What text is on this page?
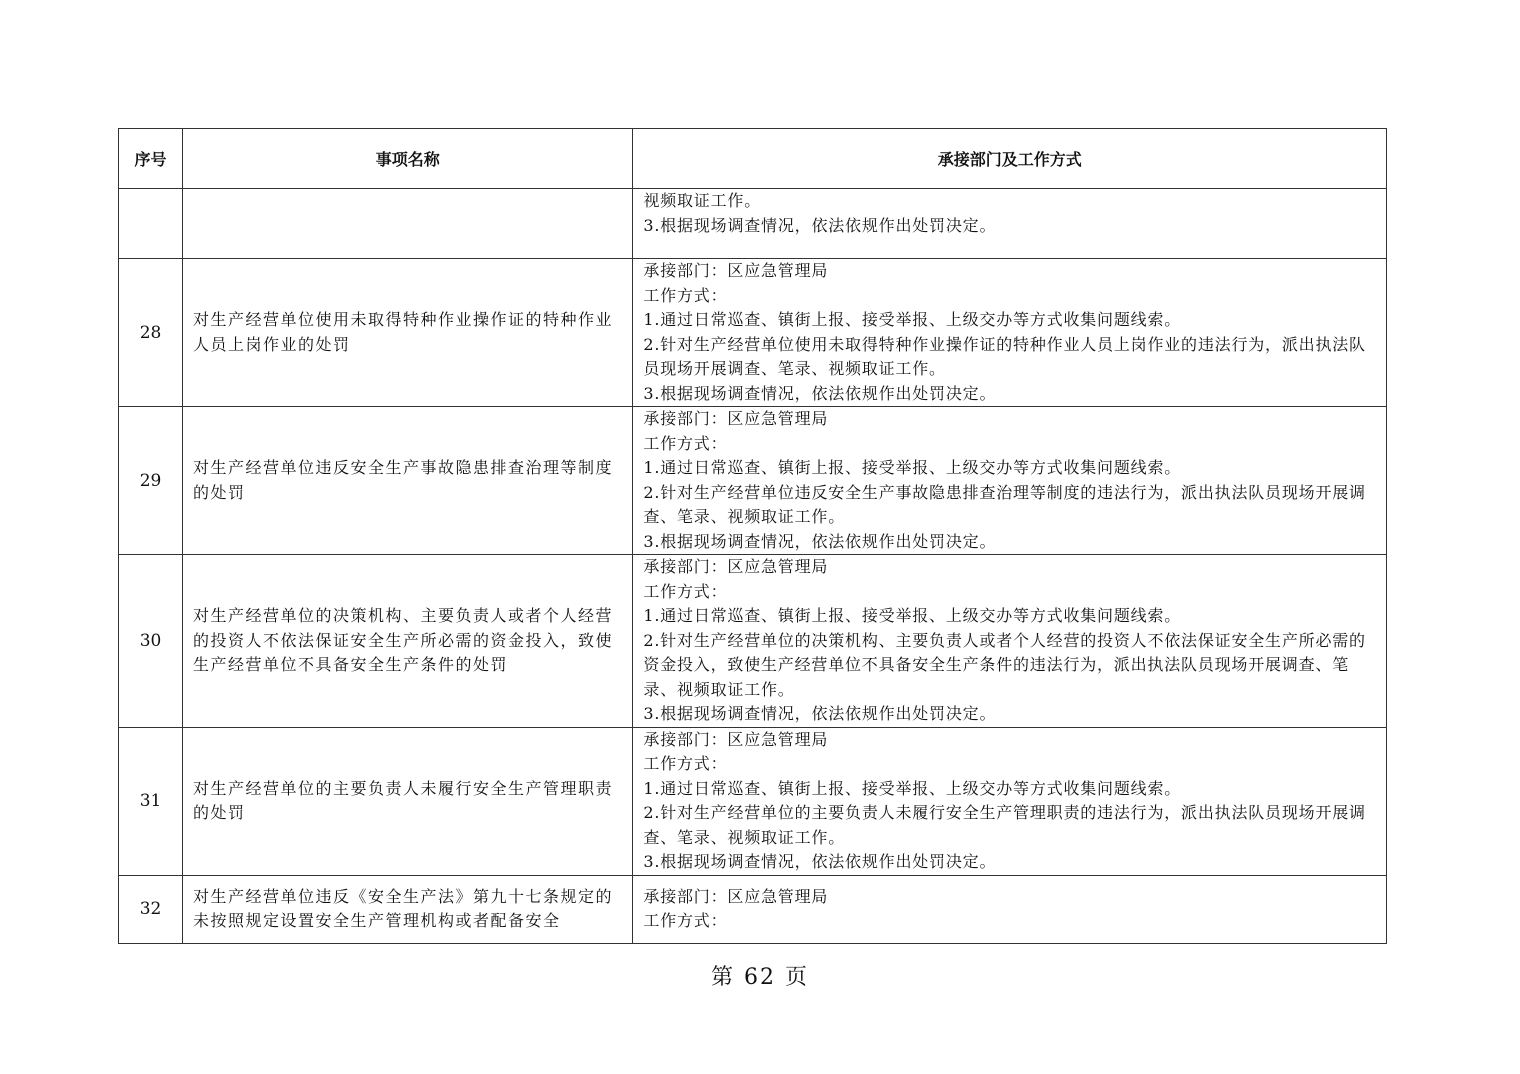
序号	事项名称	承接部门及工作方式

		视频取证工作。
3.根据现场调查情况，依法依规作出处罚决定。

28	对生产经营单位使用未取得特种作业操作证的特种作业人员上岗作业的处罚	承接部门：区应急管理局
工作方式：
1.通过日常巡查、镇街上报、接受举报、上级交办等方式收集问题线索。
2.针对生产经营单位使用未取得特种作业操作证的特种作业人员上岗作业的违法行为，派出执法队员现场开展调查、笔录、视频取证工作。
3.根据现场调查情况，依法依规作出处罚决定。

29	对生产经营单位违反安全生产事故隐患排查治理等制度的处罚	承接部门：区应急管理局
工作方式：
1.通过日常巡查、镇街上报、接受举报、上级交办等方式收集问题线索。
2.针对生产经营单位违反安全生产事故隐患排查治理等制度的违法行为，派出执法队员现场开展调查、笔录、视频取证工作。
3.根据现场调查情况，依法依规作出处罚决定。

30	对生产经营单位的决策机构、主要负责人或者个人经营的投资人不依法保证安全生产所必需的资金投入，致使生产经营单位不具备安全生产条件的处罚	承接部门：区应急管理局
工作方式：
1.通过日常巡查、镇街上报、接受举报、上级交办等方式收集问题线索。
2.针对生产经营单位的决策机构、主要负责人或者个人经营的投资人不依法保证安全生产所必需的资金投入，致使生产经营单位不具备安全生产条件的违法行为，派出执法队员现场开展调查、笔录、视频取证工作。
3.根据现场调查情况，依法依规作出处罚决定。

31	对生产经营单位的主要负责人未履行安全生产管理职责的处罚	承接部门：区应急管理局
工作方式：
1.通过日常巡查、镇街上报、接受举报、上级交办等方式收集问题线索。
2.针对生产经营单位的主要负责人未履行安全生产管理职责的违法行为，派出执法队员现场开展调查、笔录、视频取证工作。
3.根据现场调查情况，依法依规作出处罚决定。

32	对生产经营单位违反《安全生产法》第九十七条规定的未按照规定设置安全生产管理机构或者配备安全	承接部门：区应急管理局
工作方式：
第 62 页
